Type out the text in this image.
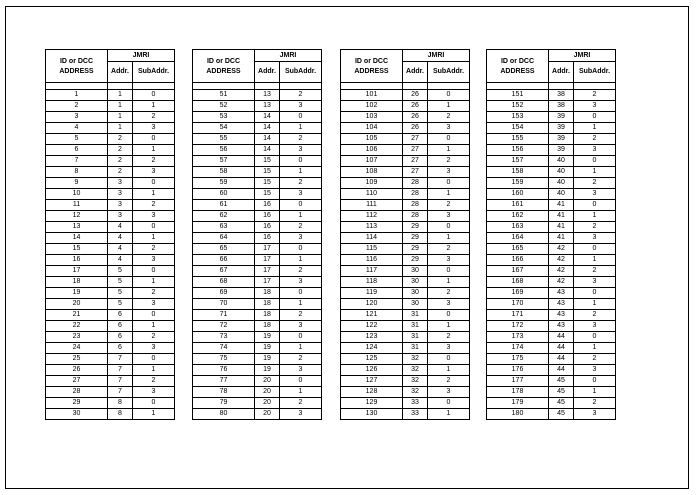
ID or DCC
ADDRESS	JMRI	
	Addr.	SubAddr.

1	1	0
2	1	1
3	1	2
4	1	3
5	2	0
6	2	1
7	2	2
8	2	3
9	3	0
10	3	1
11	3	2
12	3	3
13	4	0
14	4	1
15	4	2
16	4	3
17	5	0
18	5	1
19	5	2
20	5	3
21	6	0
22	6	1
23	6	2
24	6	3
25	7	0
26	7	1
27	7	2
28	7	3
29	8	0
30	8	1
ID or DCC
ADDRESS	JMRI	
	Addr.	SubAddr.

51	13	2
52	13	3
53	14	0
54	14	1
55	14	2
56	14	3
57	15	0
58	15	1
59	15	2
60	15	3
61	16	0
62	16	1
63	16	2
64	16	3
65	17	0
66	17	1
67	17	2
68	17	3
69	18	0
70	18	1
71	18	2
72	18	3
73	19	0
74	19	1
75	19	2
76	19	3
77	20	0
78	20	1
79	20	2
80	20	3
ID or DCC
ADDRESS	JMRI	
	Addr.	SubAddr.

101	26	0
102	26	1
103	26	2
104	26	3
105	27	0
106	27	1
107	27	2
108	27	3
109	28	0
110	28	1
111	28	2
112	28	3
113	29	0
114	29	1
115	29	2
116	29	3
117	30	0
118	30	1
119	30	2
120	30	3
121	31	0
122	31	1
123	31	2
124	31	3
125	32	0
126	32	1
127	32	2
128	32	3
129	33	0
130	33	1
ID or DCC
ADDRESS	JMRI	
	Addr.	SubAddr.

151	38	2
152	38	3
153	39	0
154	39	1
155	39	2
156	39	3
157	40	0
158	40	1
159	40	2
160	40	3
161	41	0
162	41	1
163	41	2
164	41	3
165	42	0
166	42	1
167	42	2
168	42	3
169	43	0
170	43	1
171	43	2
172	43	3
173	44	0
174	44	1
175	44	2
176	44	3
177	45	0
178	45	1
179	45	2
180	45	3
